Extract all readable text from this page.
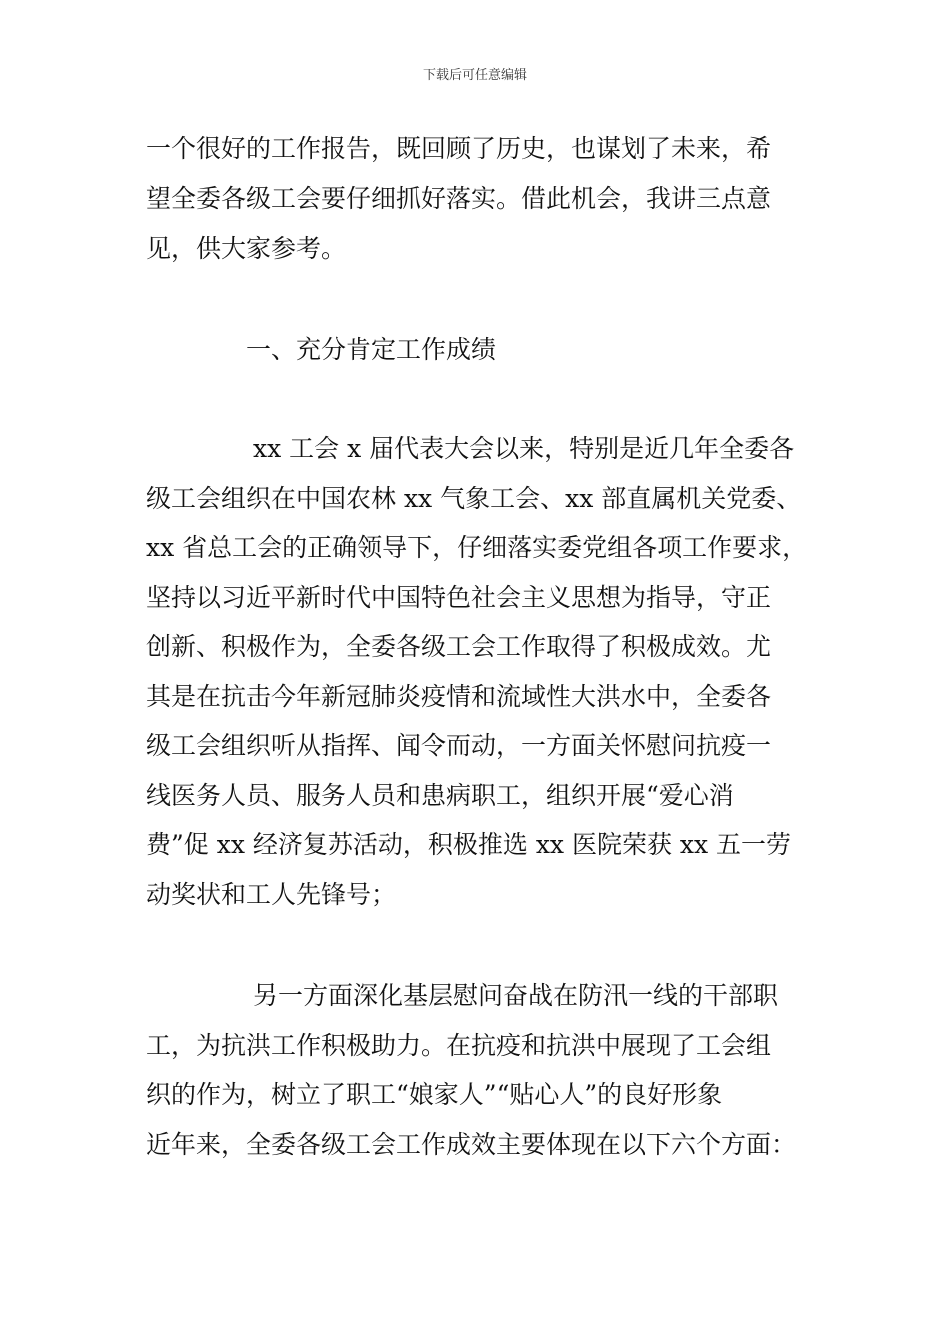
下载后可任意编辑
一个很好的工作报告，既回顾了历史，也谋划了未来，希
望全委各级工会要仔细抓好落实。借此机会，我讲三点意
见，供大家参考。
一、充分肯定工作成绩
xx 工会 x 届代表大会以来，特别是近几年全委各
级工会组织在中国农林 xx 气象工会、xx 部直属机关党委、
xx 省总工会的正确领导下，仔细落实委党组各项工作要求，
坚持以习近平新时代中国特色社会主义思想为指导，守正
创新、积极作为，全委各级工会工作取得了积极成效。尤
其是在抗击今年新冠肺炎疫情和流域性大洪水中，全委各
级工会组织听从指挥、闻令而动，一方面关怀慰问抗疫一
线医务人员、服务人员和患病职工，组织开展“爱心消
费”促 xx 经济复苏活动，积极推选 xx 医院荣获 xx 五一劳
动奖状和工人先锋号；
另一方面深化基层慰问奋战在防汛一线的干部职
工，为抗洪工作积极助力。在抗疫和抗洪中展现了工会组
织的作为，树立了职工“娘家人”“贴心人”的良好形象
近年来，全委各级工会工作成效主要体现在以下六个方面：
